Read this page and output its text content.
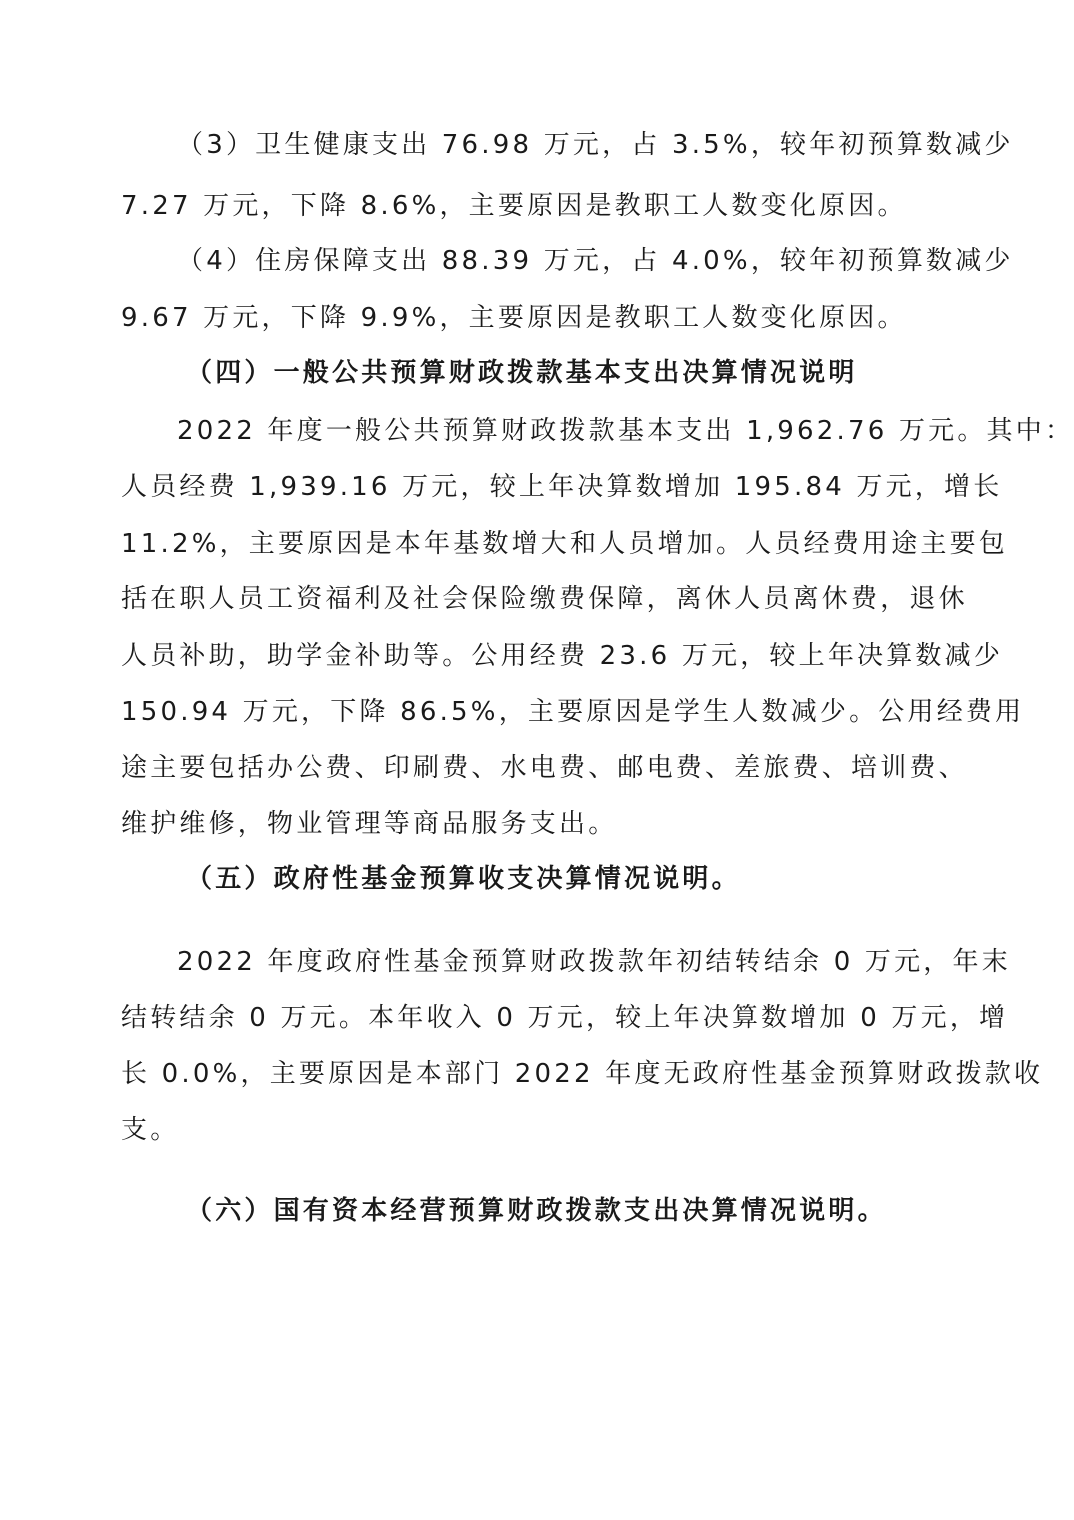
（3）卫生健康支出 76.98 万元，占 3.5%，较年初预算数减少
7.27 万元，下降 8.6%，主要原因是教职工人数变化原因。
（4）住房保障支出 88.39 万元，占 4.0%，较年初预算数减少
9.67 万元，下降 9.9%，主要原因是教职工人数变化原因。
（四）一般公共预算财政拨款基本支出决算情况说明
2022 年度一般公共预算财政拨款基本支出 1,962.76 万元。其中：
人员经费 1,939.16 万元，较上年决算数增加 195.84 万元，增长
11.2%，主要原因是本年基数增大和人员增加。人员经费用途主要包
括在职人员工资福利及社会保险缴费保障，离休人员离休费，退休
人员补助，助学金补助等。公用经费 23.6 万元，较上年决算数减少
150.94 万元，下降 86.5%，主要原因是学生人数减少。公用经费用
途主要包括办公费、印刷费、水电费、邮电费、差旅费、培训费、
维护维修，物业管理等商品服务支出。
（五）政府性基金预算收支决算情况说明。
2022 年度政府性基金预算财政拨款年初结转结余 0 万元，年末
结转结余 0 万元。本年收入 0 万元，较上年决算数增加 0 万元，增
长 0.0%，主要原因是本部门 2022 年度无政府性基金预算财政拨款收
支。
（六）国有资本经营预算财政拨款支出决算情况说明。
